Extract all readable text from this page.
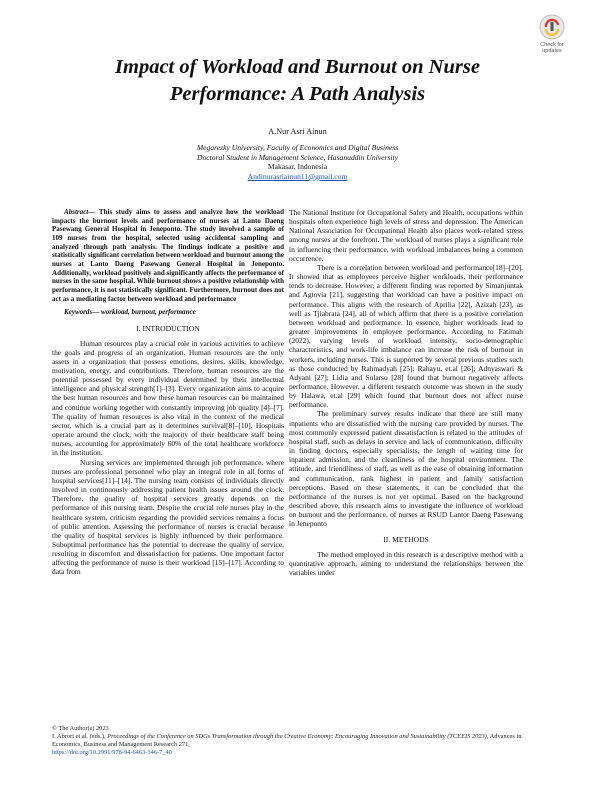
Check for
updates
Impact of Workload and Burnout on Nurse Performance: A Path Analysis
A.Nur Asri Ainun
Megarezky University, Faculty of Economics and Digital Business
Doctoral Student in Management Science, Hasanuddin University
Makasar, Indonesia
Andinurasriainun11@gmail.com

Abstract— This study aims to assess and analyze how the workload impacts the burnout levels and performance of nurses at Lanto Daeng Pasewang General Hospital in Jeneponto. The study involved a sample of 109 nurses from the hospital, selected using accidental sampling and analyzed through path analysis. The findings indicate a positive and statistically significant correlation between workload and burnout among the nurses at Lanto Daeng Pasewang General Hospital in Jeneponto. Additionally, workload positively and significantly affects the performance of nurses in the same hospital. While burnout shows a positive relationship with performance, it is not statistically significant. Furthermore, burnout does not act as a mediating factor between workload and performance

Keywords— workload, burnout, performance

I. INTRODUCTION

Human resources play a crucial role in various activities to achieve the goals and progress of an organization. Human resources are the only assets in a organization that possess emotions, desires, skills, knowledge, motivation, energy, and contributions. Therefore, human resources are the potential possessed by every individual determined by their intellectual intelligence and physical strength[1]–[3]. Every organization aims to acquire the best human resources and how these human resources can be maintained and continue working together with constantly improving job quality [4]–[7]. The quality of human resources is also vital in the context of the medical sector, which is a crucial part as it determines survival[8]–[10]. Hospitals operate around the clock, with the majority of their healthcare staff being nurses, accounting for approximately 60% of the total healthcare workforce in the institution.

Nursing services are implemented through job performance, where nurses are professional personnel who play an integral role in all forms of hospital services[11]–[14]. The nursing team consists of individuals directly involved in continuously addressing patient health issues around the clock. Therefore, the quality of hospital services greatly depends on the performance of this nursing team. Despite the crucial role nurses play in the healthcare system, criticism regarding the provided services remains a focus of public attention. Assessing the performance of nurses is crucial because the quality of hospital services is highly influenced by their performance. Suboptimal performance has the potential to decrease the quality of service, resulting in discomfort and dissatisfaction for patients. One important factor affecting the performance of nurse is their workload [15]–[17]. According to data from

The National Institute for Occupational Safety and Health, occupations within hospitals often experience high levels of stress and depression. The American National Association for Occupational Health also places work-related stress among nurses at the forefront. The workload of nurses plays a significant role in influencing their performance, with workload imbalances being a common occurrence.

There is a correlation between workload and performance[18]–[20]. It showed that as employees perceive higher workloads, their performance tends to decrease. However, a different finding was reported by Simanjuntak and Agtovia [21], suggesting that workload can have a positive impact on performance. This aligns with the research of Aprilia [22], Azizah [23], as well as Tjiabrata [24], all of which affirm that there is a positive correlation between workload and performance. In essence, higher workloads lead to greater improvements in employee performance. According to Fatimah (2022), varying levels of workload intensity, socio-demographic characteristics, and work-life imbalance can increase the risk of burnout in workers, including nurses. This is supported by several previous studies such as those conducted by Rahmadyah [25]; Rahayu, et.al [26]; Adnyaswari & Adyani [27]; Lidia and Sularso [28] found that burnout negatively affects performance. However, a different research outcome was shown in the study by Halawa, et.al [29] which found that burnout does not affect nurse performance.

The preliminary survey results indicate that there are still many inpatients who are dissatisfied with the nursing care provided by nurses. The most commonly expressed patient dissatisfaction is related to the attitudes of hospital staff, such as delays in service and lack of communication, difficulty in finding doctors, especially specialists, the length of waiting time for inpatient admission, and the cleanliness of the hospital environment. The attitude, and friendliness of staff, as well as the ease of obtaining information and communication, rank highest in patient and family satisfaction perceptions. Based on these statements, it can be concluded that the performance of the nurses is not yet optimal. Based on the background described above, this research aims to investigate the influence of workload on burnout and the performance, of nurses at RSUD Lantor Daeng Pasewang in Jeneponto

II. METHODS

The method employed in this research is a descriptive method with a quantitative approach, aiming to understand the relationships between the variables under

© The Author(s) 2023
I. Abrori et al. (eds.), Proceedings of the Conference on SDGs Transformation through the Creative Economy: Encouraging Innovation and Sustainability (TCEEIS 2023), Advances in Economics, Business and Management Research 271,
https://doi.org/10.2991/978-94-6463-346-7_40
